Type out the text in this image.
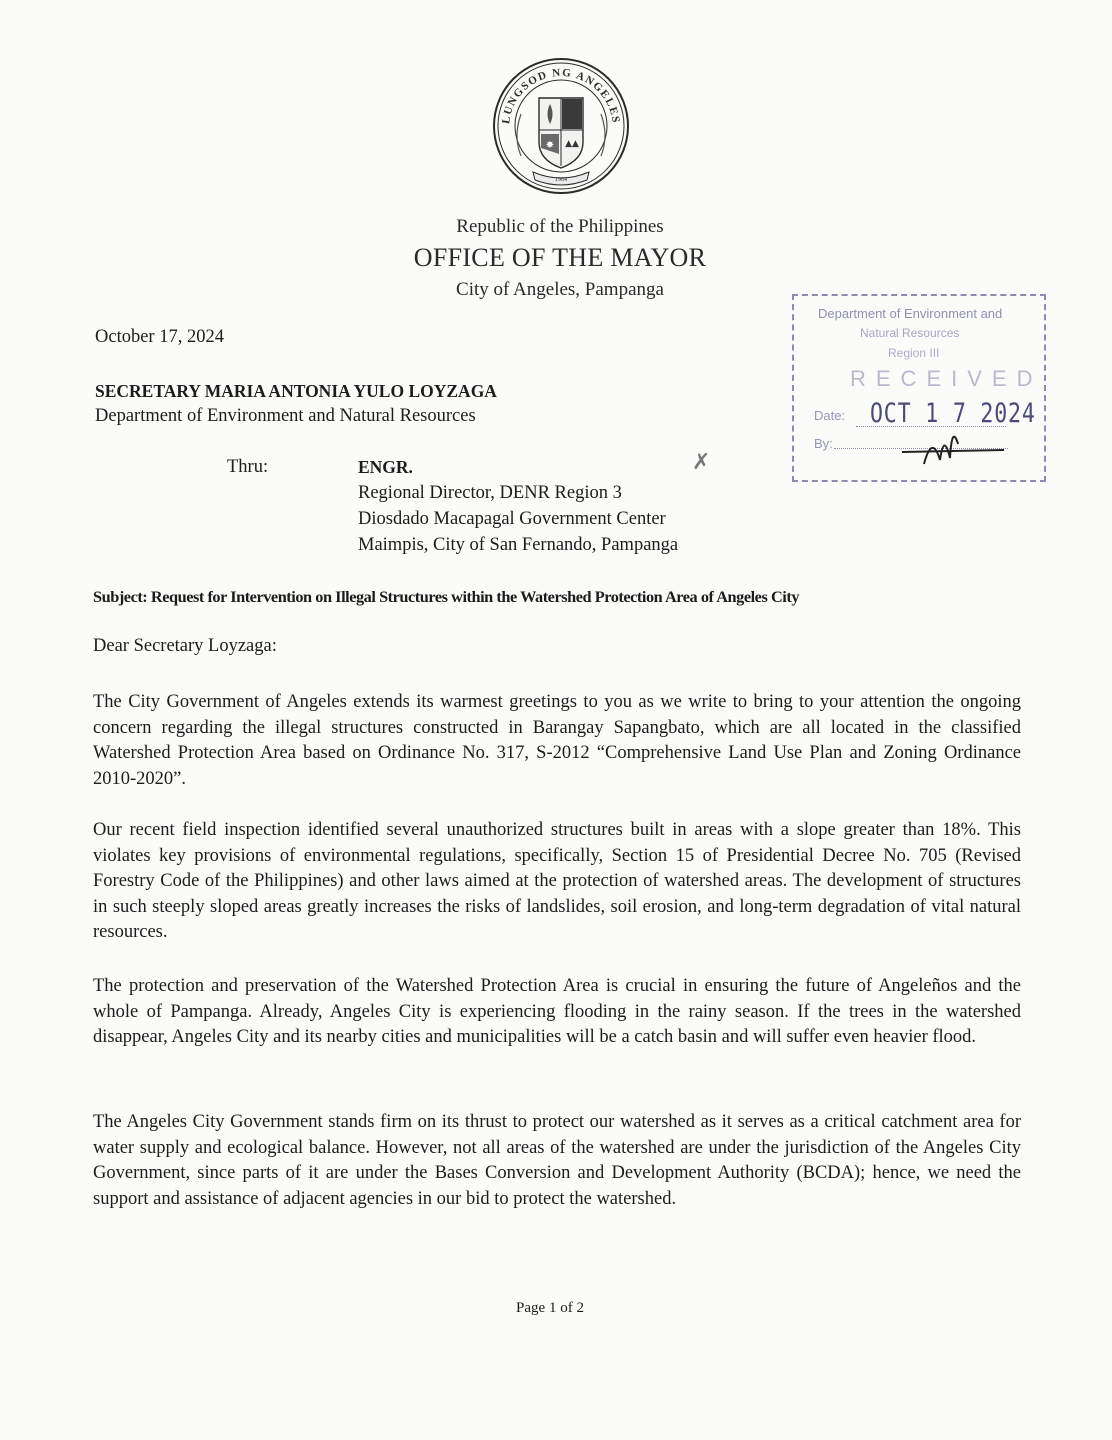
LUNGSOD NG ANGELES
✸ ▲▲
1964
Republic of the Philippines
OFFICE OF THE MAYOR
City of Angeles, Pampanga
Department of Environment and
Natural Resources
Region III
RECEIVED
Date: OCT 1 7 2024
By:
October 17, 2024
SECRETARY MARIA ANTONIA YULO LOYZAGA
Department of Environment and Natural Resources
Thru:	ENGR.	✗
Regional Director, DENR Region 3
Diosdado Macapagal Government Center
Maimpis, City of San Fernando, Pampanga
Subject: Request for Intervention on Illegal Structures within the Watershed Protection Area of Angeles City
Dear Secretary Loyzaga:
The City Government of Angeles extends its warmest greetings to you as we write to bring to your attention the ongoing concern regarding the illegal structures constructed in Barangay Sapangbato, which are all located in the classified Watershed Protection Area based on Ordinance No. 317, S-2012 “Comprehensive Land Use Plan and Zoning Ordinance 2010-2020”.
Our recent field inspection identified several unauthorized structures built in areas with a slope greater than 18%. This violates key provisions of environmental regulations, specifically, Section 15 of Presidential Decree No. 705 (Revised Forestry Code of the Philippines) and other laws aimed at the protection of watershed areas. The development of structures in such steeply sloped areas greatly increases the risks of landslides, soil erosion, and long-term degradation of vital natural resources.
The protection and preservation of the Watershed Protection Area is crucial in ensuring the future of Angeleños and the whole of Pampanga. Already, Angeles City is experiencing flooding in the rainy season. If the trees in the watershed disappear, Angeles City and its nearby cities and municipalities will be a catch basin and will suffer even heavier flood.
The Angeles City Government stands firm on its thrust to protect our watershed as it serves as a critical catchment area for water supply and ecological balance. However, not all areas of the watershed are under the jurisdiction of the Angeles City Government, since parts of it are under the Bases Conversion and Development Authority (BCDA); hence, we need the support and assistance of adjacent agencies in our bid to protect the watershed.
Page 1 of 2
